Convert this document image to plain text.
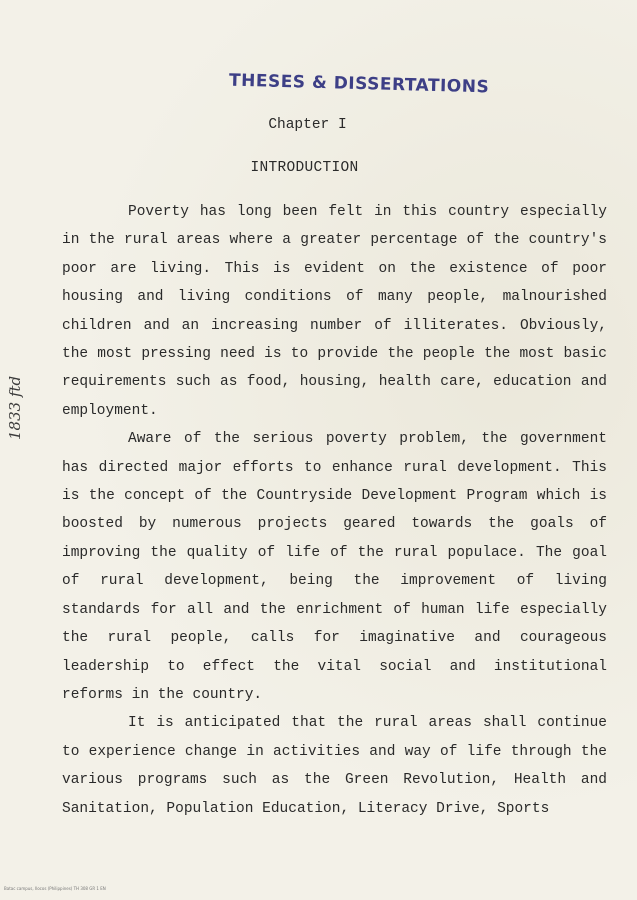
THESES & DISSERTATIONS
Chapter I
INTRODUCTION

Poverty has long been felt in this country especially in the rural areas where a greater percentage of the country's poor are living. This is evident on the existence of poor housing and living conditions of many people, malnourished children and an increasing number of illiterates. Obviously, the most pressing need is to provide the people the most basic requirements such as food, housing, health care, education and employment.

Aware of the serious poverty problem, the government has directed major efforts to enhance rural development. This is the concept of the Countryside Development Program which is boosted by numerous projects geared towards the goals of improving the quality of life of the rural populace. The goal of rural development, being the improvement of living standards for all and the enrichment of human life especially the rural people, calls for imaginative and courageous leadership to effect the vital social and institutional reforms in the country.

It is anticipated that the rural areas shall continue to experience change in activities and way of life through the various programs such as the Green Revolution, Health and Sanitation, Population Education, Literacy Drive, Sports

1833 ftd
Batac campus, Ilocos (Philippines) TH 308 GR 1 EN
